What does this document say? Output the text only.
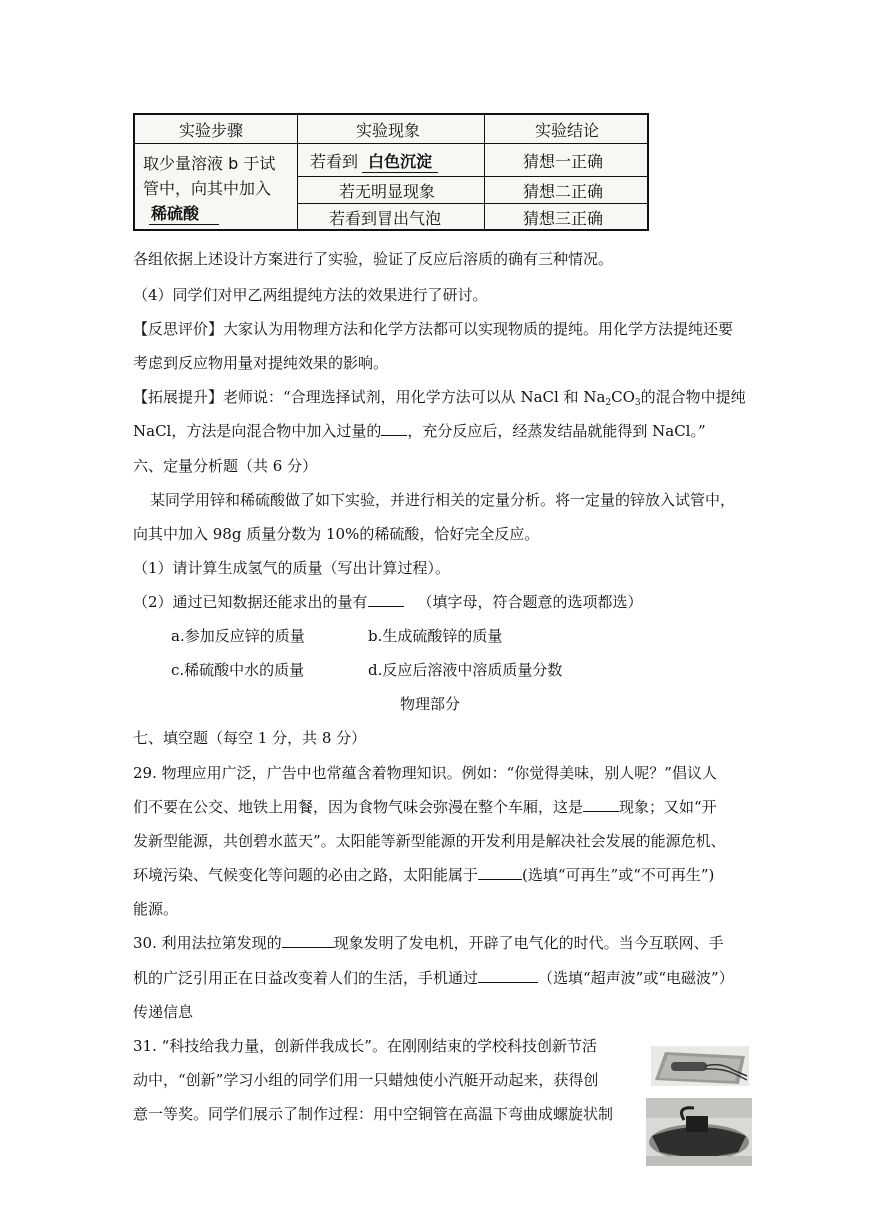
实验步骤	实验现象	实验结论
取少量溶液 b 于试
管中，向其中加入
稀硫酸
若看到 白色沉淀	猜想一正确
若无明显现象	猜想二正确
若看到冒出气泡	猜想三正确
各组依据上述设计方案进行了实验，验证了反应后溶质的确有三种情况。
（4）同学们对甲乙两组提纯方法的效果进行了研讨。
【反思评价】大家认为用物理方法和化学方法都可以实现物质的提纯。用化学方法提纯还要
考虑到反应物用量对提纯效果的影响。
【拓展提升】老师说：“合理选择试剂，用化学方法可以从 NaCl 和 $Na_2CO_3$的混合物中提纯
NaCl，方法是向混合物中加入过量的 ，充分反应后，经蒸发结晶就能得到 NaCl。”
六、定量分析题（共 6 分）
某同学用锌和稀硫酸做了如下实验，并进行相关的定量分析。将一定量的锌放入试管中，
向其中加入 98g 质量分数为 10%的稀硫酸，恰好完全反应。
（1）请计算生成氢气的质量（写出计算过程）。
（2）通过已知数据还能求出的量有	（填字母，符合题意的选项都选）
a.参加反应锌的质量	b.生成硫酸锌的质量
c.稀硫酸中水的质量	d.反应后溶液中溶质质量分数
物理部分
七、填空题（每空 1 分，共 8 分）
29. 物理应用广泛，广告中也常蕴含着物理知识。例如：“你觉得美味，别人呢？”倡议人
们不要在公交、地铁上用餐，因为食物气味会弥漫在整个车厢，这是 现象；又如“开
发新型能源，共创碧水蓝天”。太阳能等新型能源的开发利用是解决社会发展的能源危机、
环境污染、气候变化等问题的必由之路，太阳能属于	(选填“可再生”或“不可再生”)
能源。
30. 利用法拉第发现的	现象发明了发电机，开辟了电气化的时代。当今互联网、手
机的广泛引用正在日益改变着人们的生活，手机通过	（选填“超声波”或“电磁波”）
传递信息
31. “科技给我力量，创新伴我成长”。在刚刚结束的学校科技创新节活
动中，“创新”学习小组的同学们用一只蜡烛使小汽艇开动起来，获得创
意一等奖。同学们展示了制作过程：用中空铜管在高温下弯曲成螺旋状制
